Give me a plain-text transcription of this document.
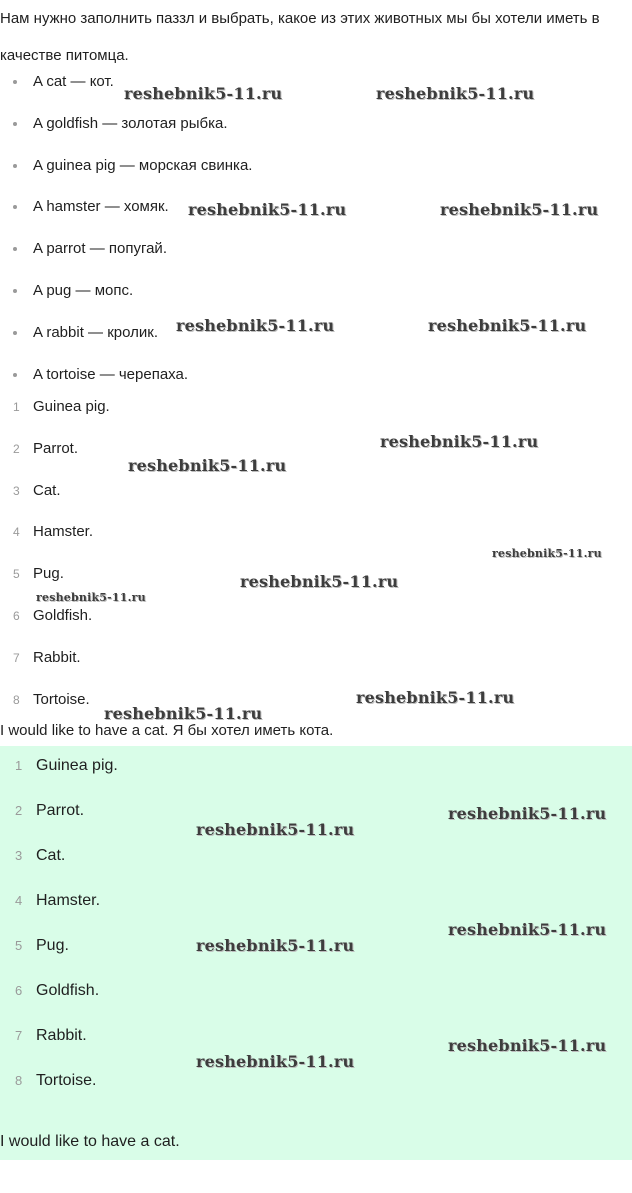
Нам нужно заполнить паззл и выбрать, какое из этих животных мы бы хотели иметь в качестве питомца.

A cat — кот.
A goldfish — золотая рыбка.
A guinea pig — морская свинка.
A hamster — хомяк.
A parrot — попугай.
A pug — мопс.
A rabbit — кролик.
A tortoise — черепаха.
1 Guinea pig.
2 Parrot.
3 Cat.
4 Hamster.
5 Pug.
6 Goldfish.
7 Rabbit.
8 Tortoise.
I would like to have a cat. Я бы хотел иметь кота.
1 Guinea pig.
2 Parrot.
3 Cat.
4 Hamster.
5 Pug.
6 Goldfish.
7 Rabbit.
8 Tortoise.
I would like to have a cat.
reshebnik5-11.ru	reshebnik5-11.ru
reshebnik5-11.ru	reshebnik5-11.ru
reshebnik5-11.ru	reshebnik5-11.ru
reshebnik5-11.ru
reshebnik5-11.ru
reshebnik5-11.ru
reshebnik5-11.ru
reshebnik5-11.ru
reshebnik5-11.ru
reshebnik5-11.ru
reshebnik5-11.ru
reshebnik5-11.ru
reshebnik5-11.ru
reshebnik5-11.ru
reshebnik5-11.ru
reshebnik5-11.ru
